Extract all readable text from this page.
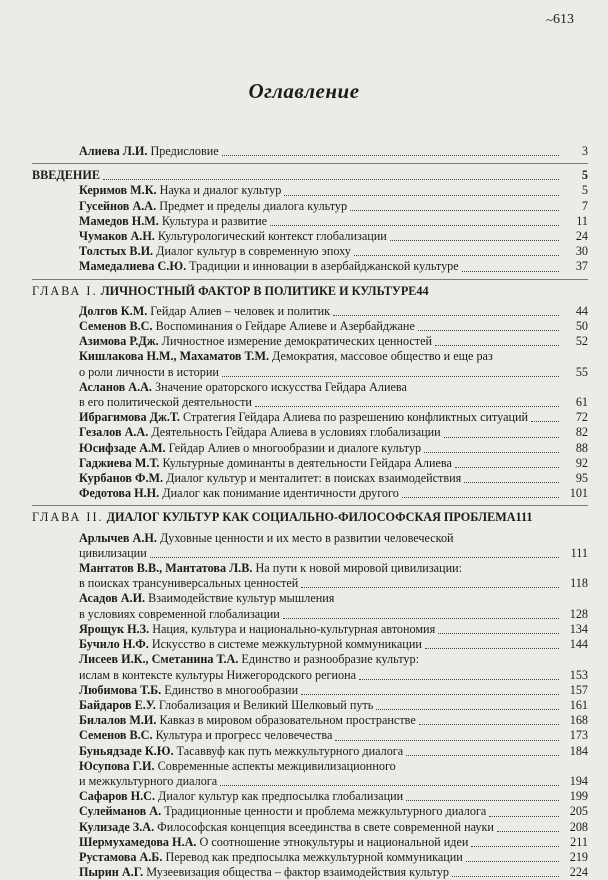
~ 613
Оглавление
Алиева Л.И. Предисловие	3
ВВЕДЕНИЕ	5
Керимов М.К. Наука и диалог культур	5
Гусейнов А.А. Предмет и пределы диалога культур	7
Мамедов Н.М. Культура и развитие	11
Чумаков А.Н. Культурологический контекст глобализации	24
Толстых В.И. Диалог культур в современную эпоху	30
Мамедалиева С.Ю. Традиции и инновации в азербайджанской культуре	37
ГЛАВА I. ЛИЧНОСТНЫЙ ФАКТОР В ПОЛИТИКЕ И КУЛЬТУРЕ 44
Долгов К.М. Гейдар Алиев – человек и политик	44
Семенов В.С. Воспоминания о Гейдаре Алиеве и Азербайджане	50
Азимова Р.Дж. Личностное измерение демократических ценностей	52
Кишлакова Н.М., Махаматов Т.М. Демократия, массовое общество и еще раз
о роли личности в истории	55
Асланов А.А. Значение ораторского искусства Гейдара Алиева
в его политической деятельности	61
Ибрагимова Дж.Т. Стратегия Гейдара Алиева по разрешению конфликтных ситуаций	72
Гезалов А.А. Деятельность Гейдара Алиева в условиях глобализации	82
Юсифзаде А.М. Гейдар Алиев о многообразии и диалоге культур	88
Гаджиева М.Т. Культурные доминанты в деятельности Гейдара Алиева	92
Курбанов Ф.М. Диалог культур и менталитет: в поисках взаимодействия	95
Федотова Н.Н. Диалог как понимание идентичности другого	101
ГЛАВА II. ДИАЛОГ КУЛЬТУР КАК СОЦИАЛЬНО-ФИЛОСОФСКАЯ ПРОБЛЕМА 111
Арлычев А.Н. Духовные ценности и их место в развитии человеческой
цивилизации	111
Мантатов В.В., Мантатова Л.В. На пути к новой мировой цивилизации:
в поисках трансуниверсальных ценностей	118
Асадов А.И. Взаимодействие культур мышления
в условиях современной глобализации	128
Ярощук Н.З. Нация, культура и национально-культурная автономия	134
Бучило Н.Ф. Искусство в системе межкультурной коммуникации	144
Лисеев И.К., Сметанина Т.А. Единство и разнообразие культур:
ислам в контексте культуры Нижегородского региона	153
Любимова Т.Б. Единство в многообразии	157
Байдаров Е.У. Глобализация и Великий Шелковый путь	161
Билалов М.И. Кавказ в мировом образовательном пространстве	168
Семенов В.С. Культура и прогресс человечества	173
Буньядзаде К.Ю. Тасаввуф как путь межкультурного диалога	184
Юсупова Г.И. Современные аспекты межцивилизационного
и межкультурного диалога	194
Сафаров Н.С. Диалог культур как предпосылка глобализации	199
Сулейманов А. Традиционные ценности и проблема межкультурного диалога	205
Кулизаде З.А. Философская концепция всеединства в свете современной науки	208
Шермухамедова Н.А. О соотношение этнокультуры и национальной идеи	211
Рустамова А.Б. Перевод как предпосылка межкультурной коммуникации	219
Пырин А.Г. Музеевизация общества – фактор взаимодействия культур	224
